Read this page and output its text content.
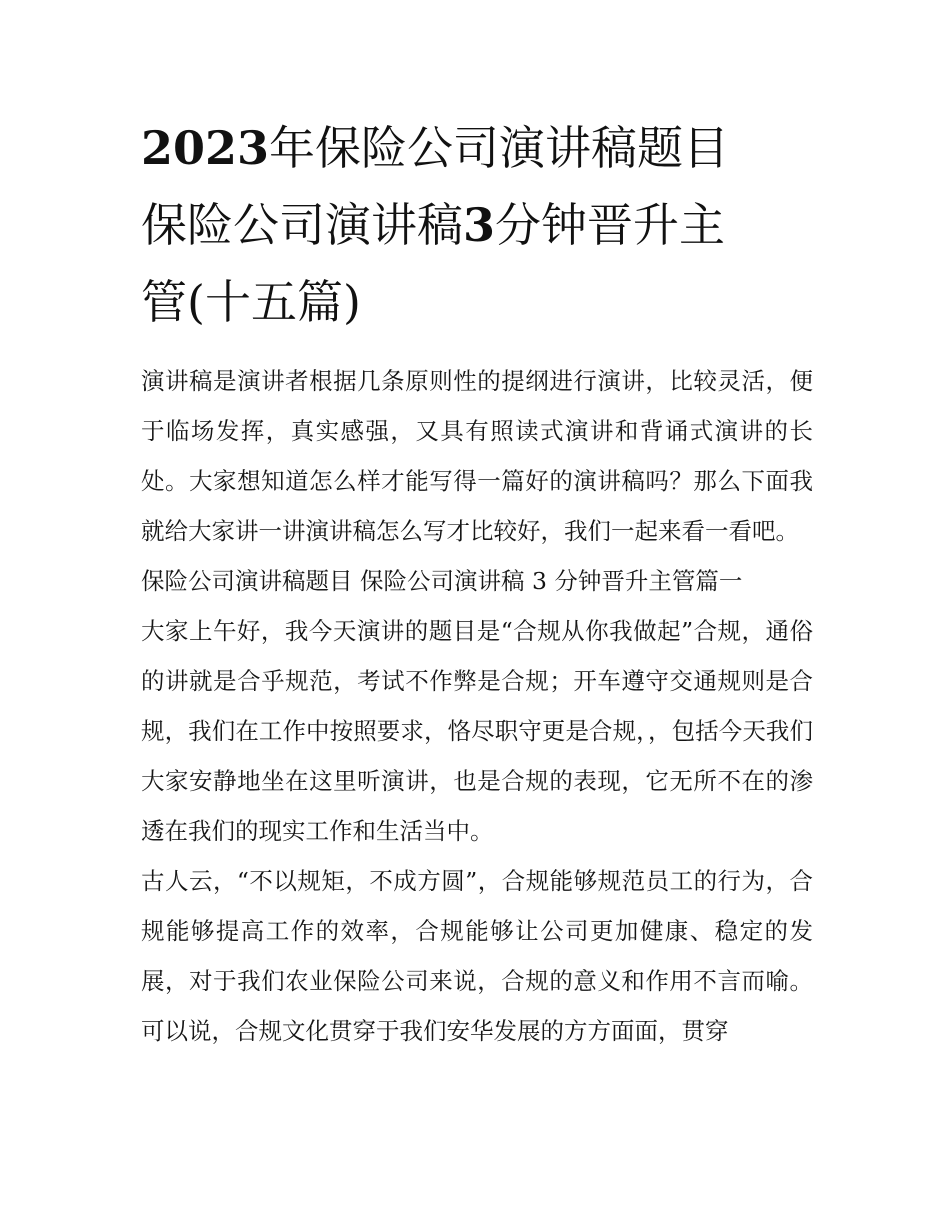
2023年保险公司演讲稿题目
保险公司演讲稿3分钟晋升主
管(十五篇)

演讲稿是演讲者根据几条原则性的提纲进行演讲，比较灵活，便于临场发挥，真实感强，又具有照读式演讲和背诵式演讲的长处。大家想知道怎么样才能写得一篇好的演讲稿吗？那么下面我就给大家讲一讲演讲稿怎么写才比较好，我们一起来看一看吧。

保险公司演讲稿题目 保险公司演讲稿 3 分钟晋升主管篇一

大家上午好，我今天演讲的题目是“合规从你我做起”合规，通俗的讲就是合乎规范，考试不作弊是合规；开车遵守交通规则是合规，我们在工作中按照要求，恪尽职守更是合规，，包括今天我们大家安静地坐在这里听演讲，也是合规的表现，它无所不在的渗透在我们的现实工作和生活当中。

古人云，“不以规矩，不成方圆”，合规能够规范员工的行为，合规能够提高工作的效率，合规能够让公司更加健康、稳定的发展，对于我们农业保险公司来说，合规的意义和作用不言而喻。可以说，合规文化贯穿于我们安华发展的方方面面，贯穿
